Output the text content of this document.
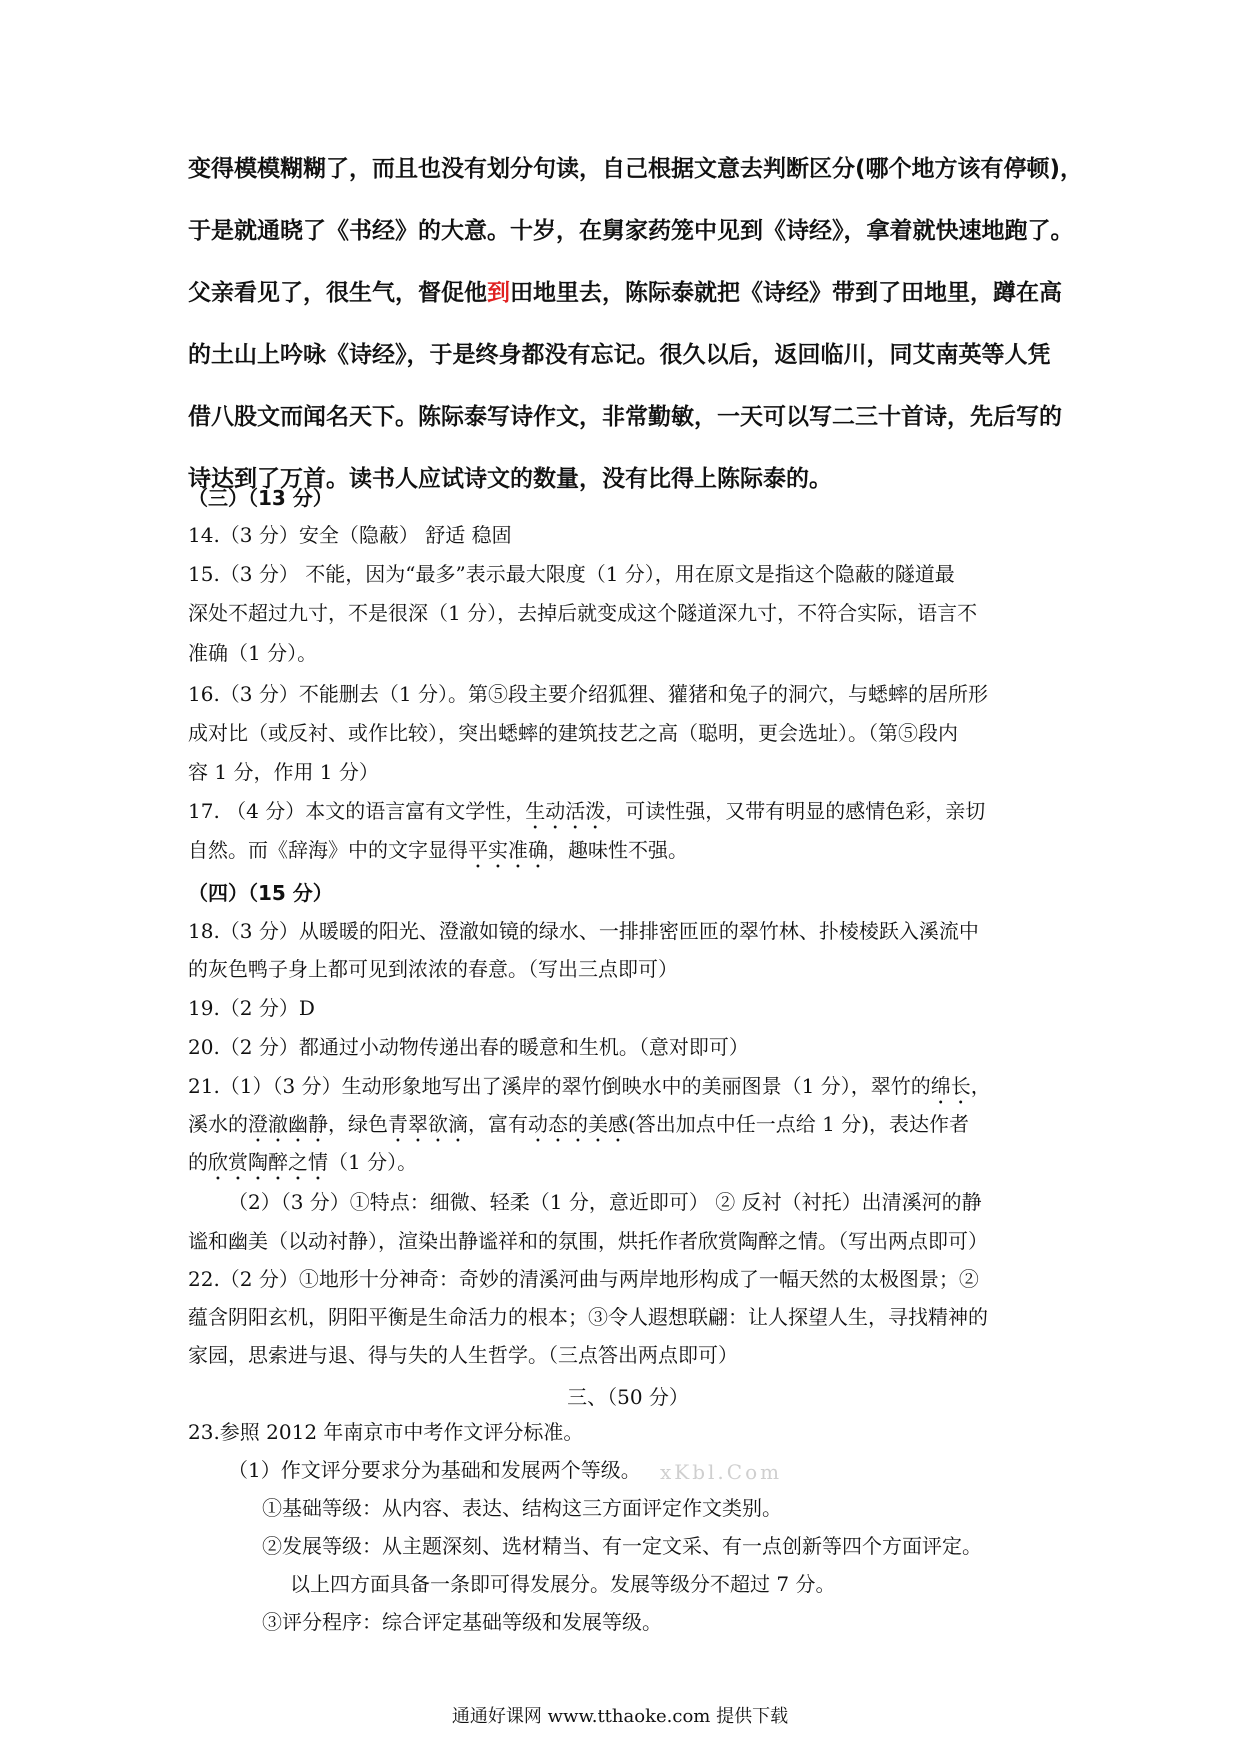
变得模模糊糊了，而且也没有划分句读，自己根据文意去判断区分(哪个地方该有停顿)，
于是就通晓了《书经》的大意。十岁，在舅家药笼中见到《诗经》，拿着就快速地跑了。
父亲看见了，很生气，督促他到田地里去，陈际泰就把《诗经》带到了田地里，蹲在高
的土山上吟咏《诗经》，于是终身都没有忘记。很久以后，返回临川，同艾南英等人凭
借八股文而闻名天下。陈际泰写诗作文，非常勤敏，一天可以写二三十首诗，先后写的
诗达到了万首。读书人应试诗文的数量，没有比得上陈际泰的。
（三）（13 分）
14.（3 分）安全（隐蔽） 舒适 稳固
15.（3 分） 不能，因为“最多”表示最大限度（1 分），用在原文是指这个隐蔽的隧道最
深处不超过九寸，不是很深（1 分），去掉后就变成这个隧道深九寸，不符合实际，语言不
准确（1 分）。
16.（3 分）不能删去（1 分）。第⑤段主要介绍狐狸、獾猪和兔子的洞穴，与蟋蟀的居所形
成对比（或反衬、或作比较），突出蟋蟀的建筑技艺之高（聪明，更会选址）。（第⑤段内
容 1 分，作用 1 分）
17. （4 分）本文的语言富有文学性，生动活泼，可读性强，又带有明显的感情色彩，亲切
自然。而《辞海》中的文字显得平实准确，趣味性不强。
（四）（15 分）
18.（3 分）从暖暖的阳光、澄澈如镜的绿水、一排排密匝匝的翠竹林、扑棱棱跃入溪流中
的灰色鸭子身上都可见到浓浓的春意。（写出三点即可）
19.（2 分）D
20.（2 分）都通过小动物传递出春的暖意和生机。（意对即可）
21.（1）（3 分）生动形象地写出了溪岸的翠竹倒映水中的美丽图景（1 分），翠竹的绵长，
溪水的澄澈幽静，绿色青翠欲滴，富有动态的美感(答出加点中任一点给 1 分)，表达作者
的欣赏陶醉之情（1 分）。
（2）（3 分）①特点：细微、轻柔（1 分，意近即可） ② 反衬（衬托）出清溪河的静
谧和幽美（以动衬静），渲染出静谧祥和的氛围，烘托作者欣赏陶醉之情。（写出两点即可）
22.（2 分）①地形十分神奇：奇妙的清溪河曲与两岸地形构成了一幅天然的太极图景；②
蕴含阴阳玄机，阴阳平衡是生命活力的根本；③令人遐想联翩：让人探望人生，寻找精神的
家园，思索进与退、得与失的人生哲学。（三点答出两点即可）
三、（50 分）
23.参照 2012 年南京市中考作文评分标准。
（1）作文评分要求分为基础和发展两个等级。
①基础等级：从内容、表达、结构这三方面评定作文类别。
②发展等级：从主题深刻、选材精当、有一定文采、有一点创新等四个方面评定。
以上四方面具备一条即可得发展分。发展等级分不超过 7 分。
③评分程序：综合评定基础等级和发展等级。
xKbl.Com
通通好课网 www.tthaoke.com 提供下载
